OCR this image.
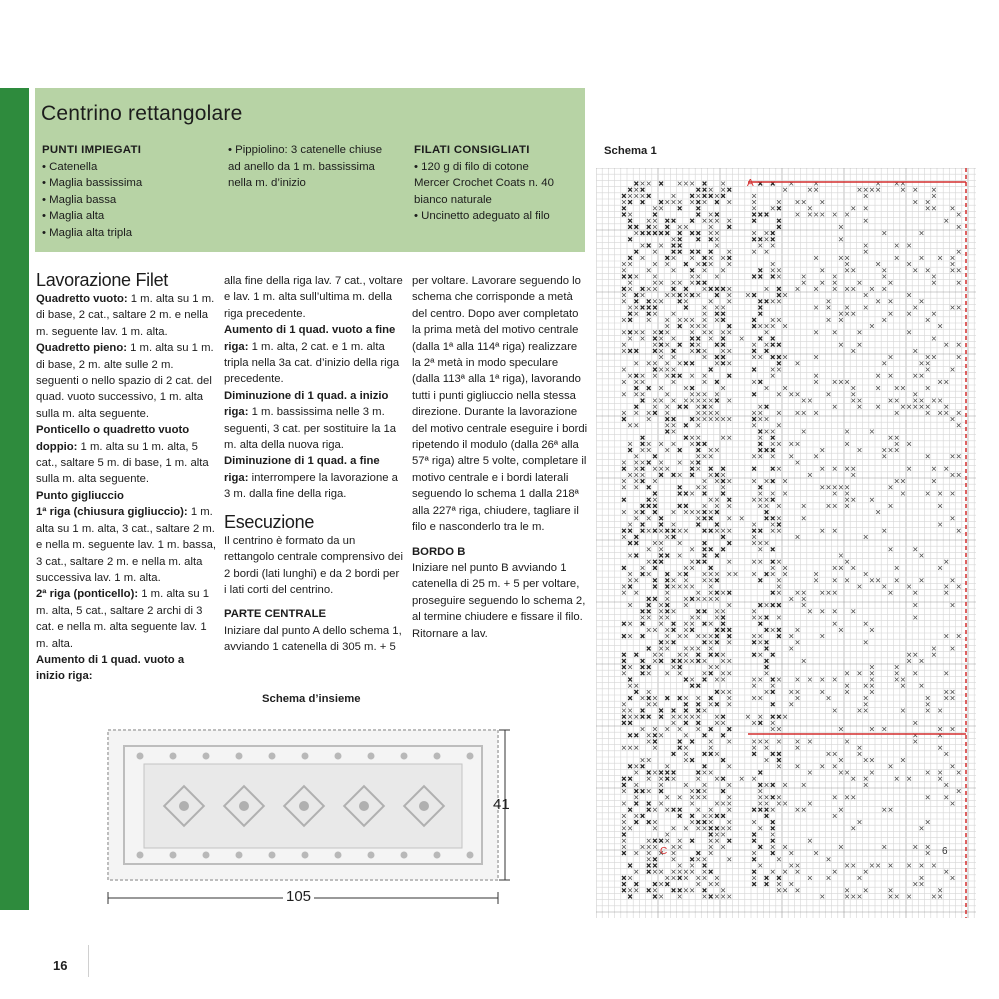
Centrino rettangolare
PUNTI IMPIEGATI
• Catenella
• Maglia bassissima
• Maglia bassa
• Maglia alta
• Maglia alta tripla
• Pippiolino: 3 catenelle chiuse
ad anello da 1 m. bassissima
nella m. d’inizio
FILATI CONSIGLIATI
• 120 g di filo di cotone
Mercer Crochet Coats n. 40
bianco naturale
• Uncinetto adeguato al filo
Lavorazione Filet
Quadretto vuoto: 1 m. alta su 1 m. di base, 2 cat., saltare 2 m. e nella m. seguente lav. 1 m. alta.
Quadretto pieno: 1 m. alta su 1 m. di base, 2 m. alte sulle 2 m. seguenti o nello spazio di 2 cat. del quad. vuoto successivo, 1 m. alta sulla m. alta seguente.
Ponticello o quadretto vuoto doppio: 1 m. alta su 1 m. alta, 5 cat., saltare 5 m. di base, 1 m. alta sulla m. alta seguente.
Punto gigliuccio
1ª riga (chiusura gigliuccio): 1 m. alta su 1 m. alta, 3 cat., saltare 2 m. e nella m. seguente lav. 1 m. bassa, 3 cat., saltare 2 m. e nella m. alta successiva lav. 1 m. alta.
2ª riga (ponticello): 1 m. alta su 1 m. alta, 5 cat., saltare 2 archi di 3 cat. e nella m. alta seguente lav. 1 m. alta.
Aumento di 1 quad. vuoto a inizio riga:
alla fine della riga lav. 7 cat., voltare e lav. 1 m. alta sull’ultima m. della riga precedente.
Aumento di 1 quad. vuoto a fine riga: 1 m. alta, 2 cat. e 1 m. alta tripla nella 3a cat. d’inizio della riga precedente.
Diminuzione di 1 quad. a inizio riga: 1 m. bassissima nelle 3 m. seguenti, 3 cat. per sostituire la 1a m. alta della nuova riga.
Diminuzione di 1 quad. a fine riga: interrompere la lavorazione a 3 m. dalla fine della riga.
Esecuzione
Il centrino è formato da un rettangolo centrale comprensivo dei 2 bordi (lati lunghi) e da 2 bordi per i lati corti del centrino.
PARTE CENTRALE
Iniziare dal punto A dello schema 1, avviando 1 catenella di 305 m. + 5
per voltare. Lavorare seguendo lo schema che corrisponde a metà del centro. Dopo aver completato la prima metà del motivo centrale (dalla 1ª alla 114ª riga) realizzare la 2ª metà in modo speculare (dalla 113ª alla 1ª riga), lavorando tutti i punti gigliuccio nella stessa direzione. Durante la lavorazione del motivo centrale eseguire i bordi ripetendo il modulo (dalla 26ª alla 57ª riga) altre 5 volte, completare il motivo centrale e i bordi laterali seguendo lo schema 1 dalla 218ª alla 227ª riga, chiudere, tagliare il filo e nasconderlo tra le m.
BORDO B
Iniziare nel punto B avviando 1 catenella di 25 m. + 5 per voltare, proseguire seguendo lo schema 2, al termine chiudere e fissare il filo. Ritornare a lav.
Schema d’insieme
41
105
Schema 1
A
C	6
16
